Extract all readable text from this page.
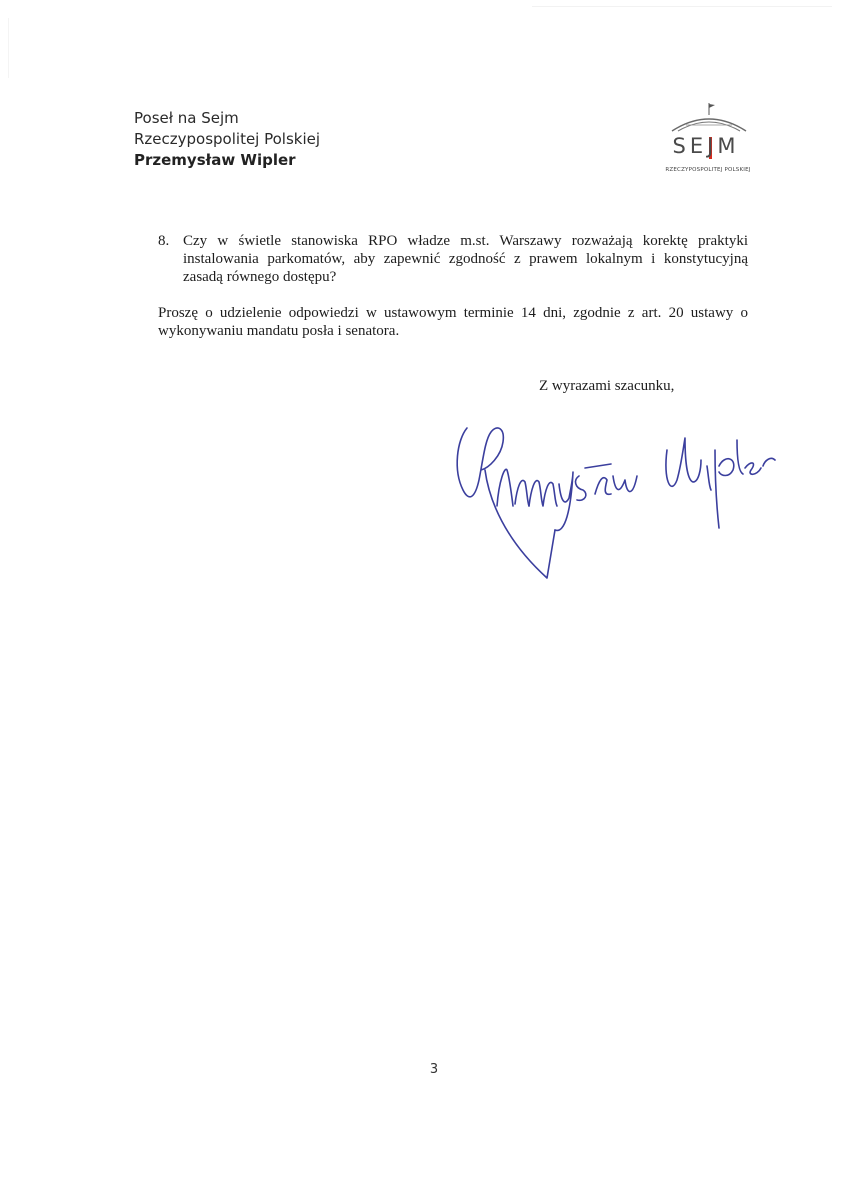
Poseł na Sejm
Rzeczypospolitej Polskiej
Przemysław Wipler
SEJM
RZECZYPOSPOLITEJ POLSKIEJ
8. Czy w świetle stanowiska RPO władze m.st. Warszawy rozważają korektę praktyki instalowania parkomatów, aby zapewnić zgodność z prawem lokalnym i konstytucyjną zasadą równego dostępu?
Proszę o udzielenie odpowiedzi w ustawowym terminie 14 dni, zgodnie z art. 20 ustawy o wykonywaniu mandatu posła i senatora.
Z wyrazami szacunku,
3
